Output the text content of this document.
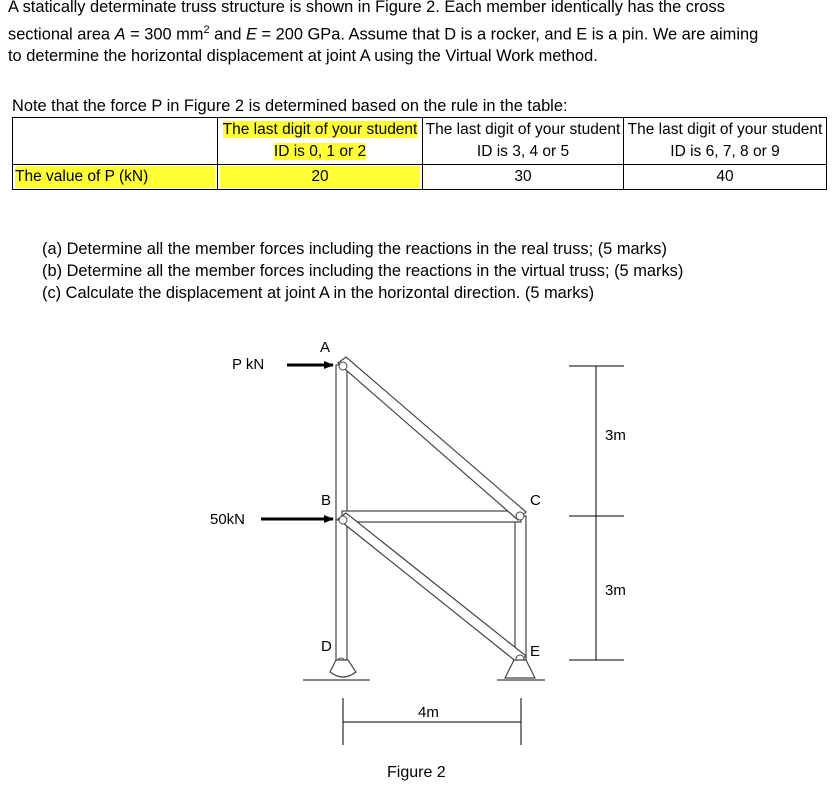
A statically determinate truss structure is shown in Figure 2. Each member identically has the cross
sectional area A = 300 $mm^2$ and E = 200 GPa. Assume that D is a rocker, and E is a pin. We are aiming
to determine the horizontal displacement at joint A using the Virtual Work method.
Note that the force P in Figure 2 is determined based on the rule in the table:
	The last digit of your student ID is 0, 1 or 2	The last digit of your student ID is 3, 4 or 5	The last digit of your student ID is 6, 7, 8 or 9

The value of P (kN)	20	30	40
(a) Determine all the member forces including the reactions in the real truss; (5 marks)
(b) Determine all the member forces including the reactions in the virtual truss; (5 marks)
(c) Calculate the displacement at joint A in the horizontal direction. (5 marks)
P kN
50kN
A
B	C
D	E
3m
3m
4m
Figure 2
